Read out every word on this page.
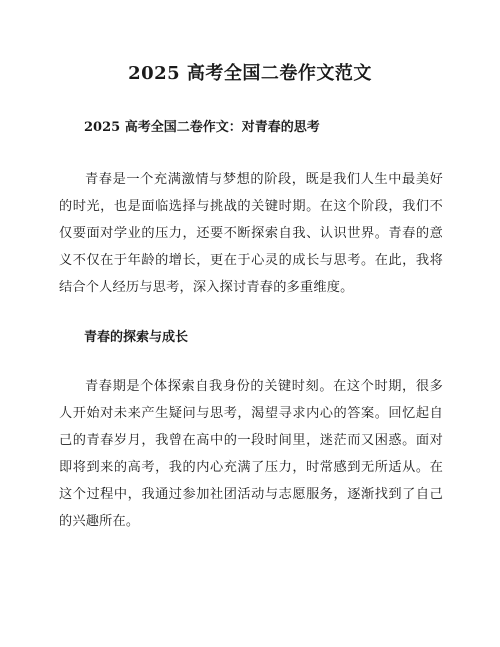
2025 高考全国二卷作文范文
2025 高考全国二卷作文：对青春的思考
青春是一个充满激情与梦想的阶段，既是我们人生中最美好的时光，也是面临选择与挑战的关键时期。在这个阶段，我们不仅要面对学业的压力，还要不断探索自我、认识世界。青春的意义不仅在于年龄的增长，更在于心灵的成长与思考。在此，我将结合个人经历与思考，深入探讨青春的多重维度。
青春的探索与成长
青春期是个体探索自我身份的关键时刻。在这个时期，很多人开始对未来产生疑问与思考，渴望寻求内心的答案。回忆起自己的青春岁月，我曾在高中的一段时间里，迷茫而又困惑。面对即将到来的高考，我的内心充满了压力，时常感到无所适从。在这个过程中，我通过参加社团活动与志愿服务，逐渐找到了自己的兴趣所在。
